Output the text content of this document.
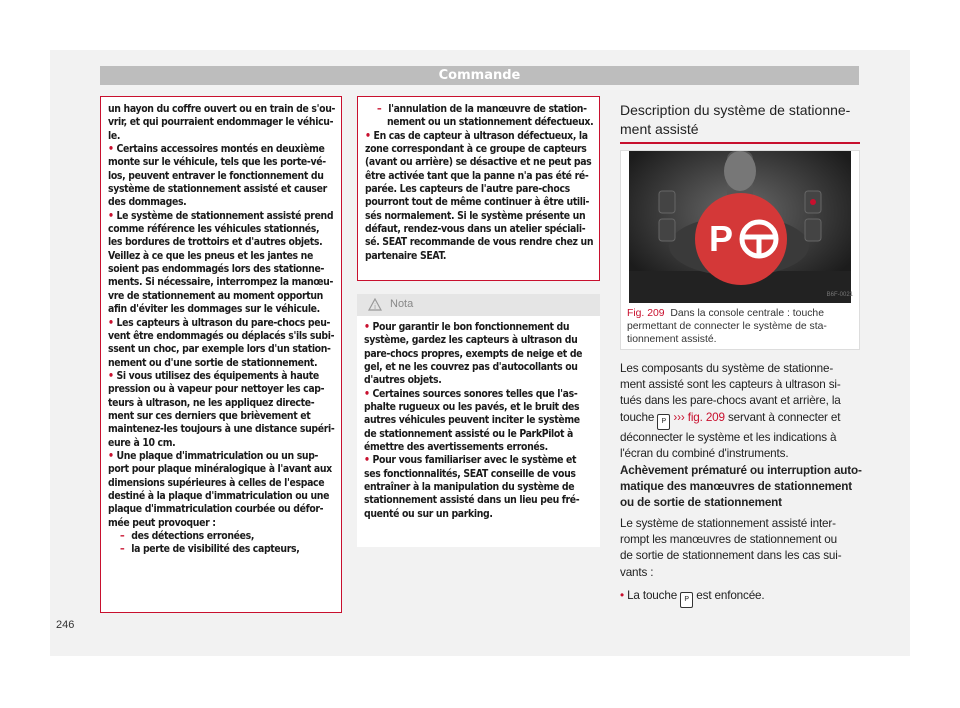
Commande
un hayon du coffre ouvert ou en train de s'ou-
vrir, et qui pourraient endommager le véhicu-
le.
• Certains accessoires montés en deuxième
monte sur le véhicule, tels que les porte-vé-
los, peuvent entraver le fonctionnement du
système de stationnement assisté et causer
des dommages.
• Le système de stationnement assisté prend
comme référence les véhicules stationnés,
les bordures de trottoirs et d'autres objets.
Veillez à ce que les pneus et les jantes ne
soient pas endommagés lors des stationne-
ments. Si nécessaire, interrompez la manœu-
vre de stationnement au moment opportun
afin d'éviter les dommages sur le véhicule.
• Les capteurs à ultrason du pare-chocs peu-
vent être endommagés ou déplacés s'ils subi-
ssent un choc, par exemple lors d'un station-
nement ou d'une sortie de stationnement.
• Si vous utilisez des équipements à haute
pression ou à vapeur pour nettoyer les cap-
teurs à ultrason, ne les appliquez directe-
ment sur ces derniers que brièvement et
maintenez-les toujours à une distance supéri-
eure à 10 cm.
• Une plaque d'immatriculation ou un sup-
port pour plaque minéralogique à l'avant aux
dimensions supérieures à celles de l'espace
destiné à la plaque d'immatriculation ou une
plaque d'immatriculation courbée ou défor-
mée peut provoquer :
– des détections erronées,
– la perte de visibilité des capteurs,
– l'annulation de la manœuvre de station-
nement ou un stationnement défectueux.
• En cas de capteur à ultrason défectueux, la
zone correspondant à ce groupe de capteurs
(avant ou arrière) se désactive et ne peut pas
être activée tant que la panne n'a pas été ré-
parée. Les capteurs de l'autre pare-chocs
pourront tout de même continuer à être utili-
sés normalement. Si le système présente un
défaut, rendez-vous dans un atelier spéciali-
sé. SEAT recommande de vous rendre chez un
partenaire SEAT.
i Nota
• Pour garantir le bon fonctionnement du
système, gardez les capteurs à ultrason du
pare-chocs propres, exempts de neige et de
gel, et ne les couvrez pas d'autocollants ou
d'autres objets.
• Certaines sources sonores telles que l'as-
phalte rugueux ou les pavés, et le bruit des
autres véhicules peuvent inciter le système
de stationnement assisté ou le ParkPilot à
émettre des avertissements erronés.
• Pour vous familiariser avec le système et
ses fonctionnalités, SEAT conseille de vous
entraîner à la manipulation du système de
stationnement assisté dans un lieu peu fré-
quenté ou sur un parking.
Description du système de stationne-
ment assisté
P
B6F-0021
Fig. 209 Dans la console centrale : touche
permettant de connecter le système de sta-
tionnement assisté.
Les composants du système de stationne-
ment assisté sont les capteurs à ultrason si-
tués dans les pare-chocs avant et arrière, la
touche P ››› fig. 209 servant à connecter et
déconnecter le système et les indications à
l'écran du combiné d'instruments.
Achèvement prématuré ou interruption auto-
matique des manœuvres de stationnement
ou de sortie de stationnement
Le système de stationnement assisté inter-
rompt les manœuvres de stationnement ou
de sortie de stationnement dans les cas sui-
vants :
• La touche P est enfoncée.
246
